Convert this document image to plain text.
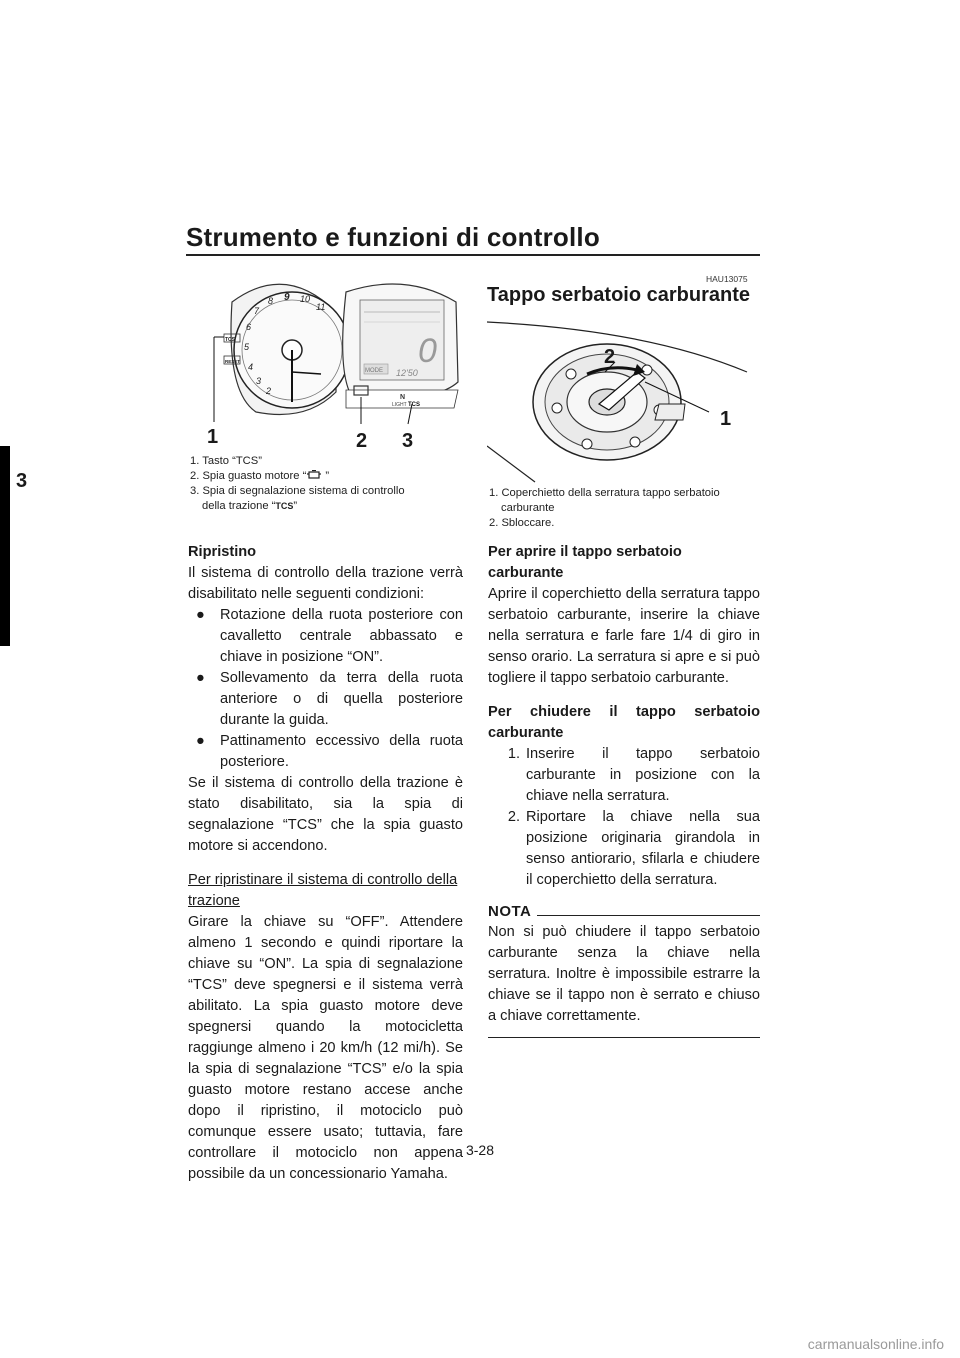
Strumento e funzioni di controllo
3
5
4
3
2
6
7
8 9 10
11
TCS
RESET	0
12'50
MODE
N
LIGHT TCS
1	2 3
1. Tasto “TCS”
2. Spia guasto motore “ ”
3. Spia di segnalazione sistema di controllo
della trazione “TCS”
Ripristino
Il sistema di controllo della trazione verrà disabilitato nelle seguenti condizioni:
●	Rotazione della ruota posteriore con cavalletto centrale abbassato e chiave in posizione “ON”.
●	Sollevamento da terra della ruota anteriore o di quella posteriore durante la guida.
●	Pattinamento eccessivo della ruota posteriore.
Se il sistema di controllo della trazione è stato disabilitato, sia la spia di segnalazione “TCS” che la spia guasto motore si accendono.
Per ripristinare il sistema di controllo della
trazione
Girare la chiave su “OFF”. Attendere almeno 1 secondo e quindi riportare la chiave su “ON”. La spia di segnalazione “TCS” deve spegnersi e il sistema verrà abilitato. La spia guasto motore deve spegnersi quando la motocicletta raggiunge almeno i 20 km/h (12 mi/h). Se la spia di segnalazione “TCS” e/o la spia guasto motore restano accese anche dopo il ripristino, il motociclo può comunque essere usato; tuttavia, fare controllare il motociclo non appena possibile da un concessionario Yamaha.
HAU13075
Tappo serbatoio carburante
2
1
1. Coperchietto della serratura tappo serbatoio
carburante
2. Sbloccare.
Per aprire il tappo serbatoio carburante
Aprire il coperchietto della serratura tappo serbatoio carburante, inserire la chiave nella serratura e farle fare 1/4 di giro in senso orario. La serratura si apre e si può togliere il tappo serbatoio carburante.
Per chiudere il tappo serbatoio carburante
1. Inserire il tappo serbatoio carburante in posizione con la chiave nella serratura.
2. Riportare la chiave nella sua posizione originaria girandola in senso antiorario, sfilarla e chiudere il coperchietto della serratura.
NOTA
Non si può chiudere il tappo serbatoio carburante senza la chiave nella serratura. Inoltre è impossibile estrarre la chiave se il tappo non è serrato e chiuso a chiave correttamente.
3-28
carmanualsonline.info
